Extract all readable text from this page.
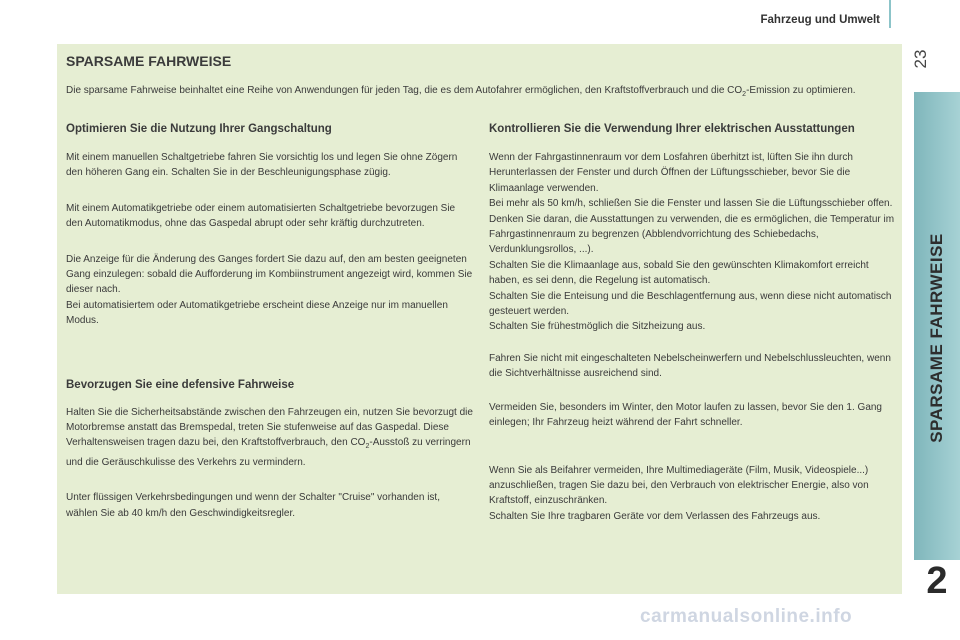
Fahrzeug und Umwelt
23
SPARSAME FAHRWEISE
2
SPARSAME FAHRWEISE

Die sparsame Fahrweise beinhaltet eine Reihe von Anwendungen für jeden Tag, die es dem Autofahrer ermöglichen, den Kraftstoffverbrauch und die $CO_2$-Emission zu optimieren.

Optimieren Sie die Nutzung Ihrer Gangschaltung

Mit einem manuellen Schaltgetriebe fahren Sie vorsichtig los und legen Sie ohne Zögern den höheren Gang ein. Schalten Sie in der Beschleunigungsphase zügig.

Mit einem Automatikgetriebe oder einem automatisierten Schaltgetriebe bevorzugen Sie den Automatikmodus, ohne das Gaspedal abrupt oder sehr kräftig durchzutreten.

Die Anzeige für die Änderung des Ganges fordert Sie dazu auf, den am besten geeigneten Gang einzulegen: sobald die Aufforderung im Kombiinstrument angezeigt wird, kommen Sie dieser nach.
Bei automatisiertem oder Automatikgetriebe erscheint diese Anzeige nur im manuellen Modus.

Bevorzugen Sie eine defensive Fahrweise

Halten Sie die Sicherheitsabstände zwischen den Fahrzeugen ein, nutzen Sie bevorzugt die Motorbremse anstatt das Bremspedal, treten Sie stufenweise auf das Gaspedal. Diese Verhaltensweisen tragen dazu bei, den Kraftstoffverbrauch, den $CO_2$-Ausstoß zu verringern und die Geräuschkulisse des Verkehrs zu vermindern.

Unter flüssigen Verkehrsbedingungen und wenn der Schalter "Cruise" vorhanden ist, wählen Sie ab 40 km/h den Geschwindigkeitsregler.

Kontrollieren Sie die Verwendung Ihrer elektrischen Ausstattungen

Wenn der Fahrgastinnenraum vor dem Losfahren überhitzt ist, lüften Sie ihn durch Herunterlassen der Fenster und durch Öffnen der Lüftungsschieber, bevor Sie die Klimaanlage verwenden.
Bei mehr als 50 km/h, schließen Sie die Fenster und lassen Sie die Lüftungsschieber offen.
Denken Sie daran, die Ausstattungen zu verwenden, die es ermöglichen, die Temperatur im Fahrgastinnenraum zu begrenzen (Abblendvorrichtung des Schiebedachs, Verdunklungsrollos, ...).
Schalten Sie die Klimaanlage aus, sobald Sie den gewünschten Klimakomfort erreicht haben, es sei denn, die Regelung ist automatisch.
Schalten Sie die Enteisung und die Beschlagentfernung aus, wenn diese nicht automatisch gesteuert werden.
Schalten Sie frühestmöglich die Sitzheizung aus.

Fahren Sie nicht mit eingeschalteten Nebelscheinwerfern und Nebelschlussleuchten, wenn die Sichtverhältnisse ausreichend sind.

Vermeiden Sie, besonders im Winter, den Motor laufen zu lassen, bevor Sie den 1. Gang einlegen; Ihr Fahrzeug heizt während der Fahrt schneller.

Wenn Sie als Beifahrer vermeiden, Ihre Multimediageräte (Film, Musik, Videospiele...) anzuschließen, tragen Sie dazu bei, den Verbrauch von elektrischer Energie, also von Kraftstoff, einzuschränken.
Schalten Sie Ihre tragbaren Geräte vor dem Verlassen des Fahrzeugs aus.

carmanualsonline.info
